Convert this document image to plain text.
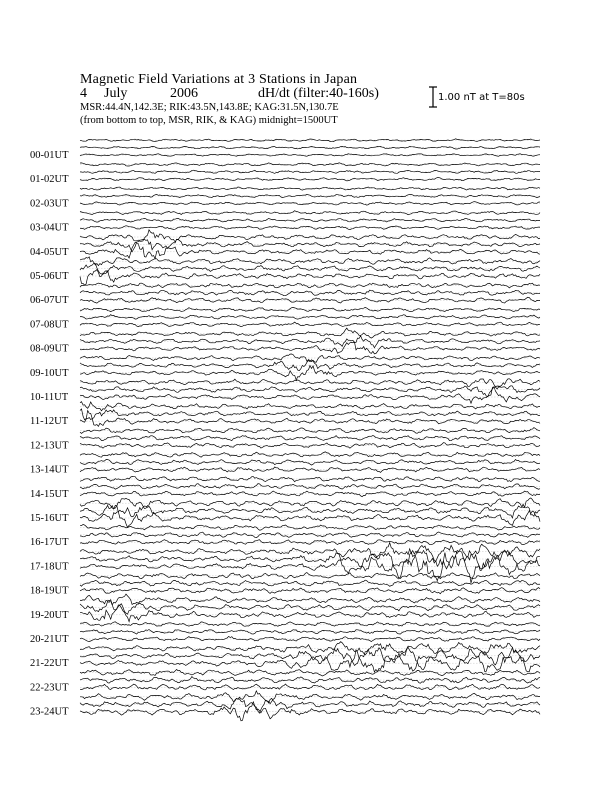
Magnetic Field Variations at 3 Stations in Japan
4 July	2006	dH/dt (filter:40-160s)
MSR:44.4N,142.3E; RIK:43.5N,143.8E; KAG:31.5N,130.7E
(from bottom to top, MSR, RIK, & KAG) midnight=1500UT
1.00 nT at T=80s
00-01UT
01-02UT
02-03UT
03-04UT
04-05UT
05-06UT
06-07UT
07-08UT
08-09UT
09-10UT
10-11UT
11-12UT
12-13UT
13-14UT
14-15UT
15-16UT
16-17UT
17-18UT
18-19UT
19-20UT
20-21UT
21-22UT
22-23UT
23-24UT
